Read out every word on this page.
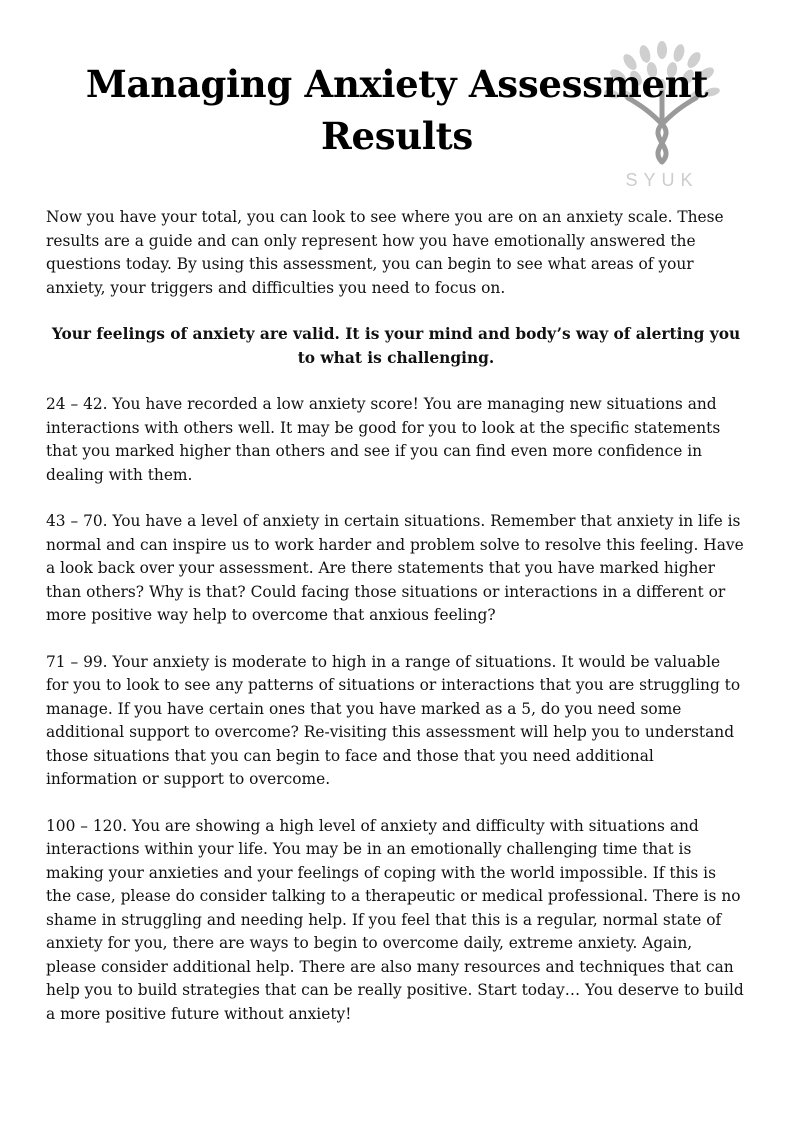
SYUK
Managing Anxiety Assessment
Results

Now you have your total, you can look to see where you are on an anxiety scale. These results are a guide and can only represent how you have emotionally answered the questions today. By using this assessment, you can begin to see what areas of your anxiety, your triggers and difficulties you need to focus on.

Your feelings of anxiety are valid. It is your mind and body’s way of alerting you to what is challenging.

24 – 42. You have recorded a low anxiety score! You are managing new situations and interactions with others well. It may be good for you to look at the specific statements that you marked higher than others and see if you can find even more confidence in dealing with them.

43 – 70. You have a level of anxiety in certain situations. Remember that anxiety in life is normal and can inspire us to work harder and problem solve to resolve this feeling. Have a look back over your assessment. Are there statements that you have marked higher than others? Why is that? Could facing those situations or interactions in a different or more positive way help to overcome that anxious feeling?

71 – 99. Your anxiety is moderate to high in a range of situations. It would be valuable for you to look to see any patterns of situations or interactions that you are struggling to manage. If you have certain ones that you have marked as a 5, do you need some additional support to overcome? Re-visiting this assessment will help you to understand those situations that you can begin to face and those that you need additional information or support to overcome.

100 – 120. You are showing a high level of anxiety and difficulty with situations and interactions within your life. You may be in an emotionally challenging time that is making your anxieties and your feelings of coping with the world impossible. If this is the case, please do consider talking to a therapeutic or medical professional. There is no shame in struggling and needing help. If you feel that this is a regular, normal state of anxiety for you, there are ways to begin to overcome daily, extreme anxiety. Again, please consider additional help. There are also many resources and techniques that can help you to build strategies that can be really positive. Start today… You deserve to build a more positive future without anxiety!
